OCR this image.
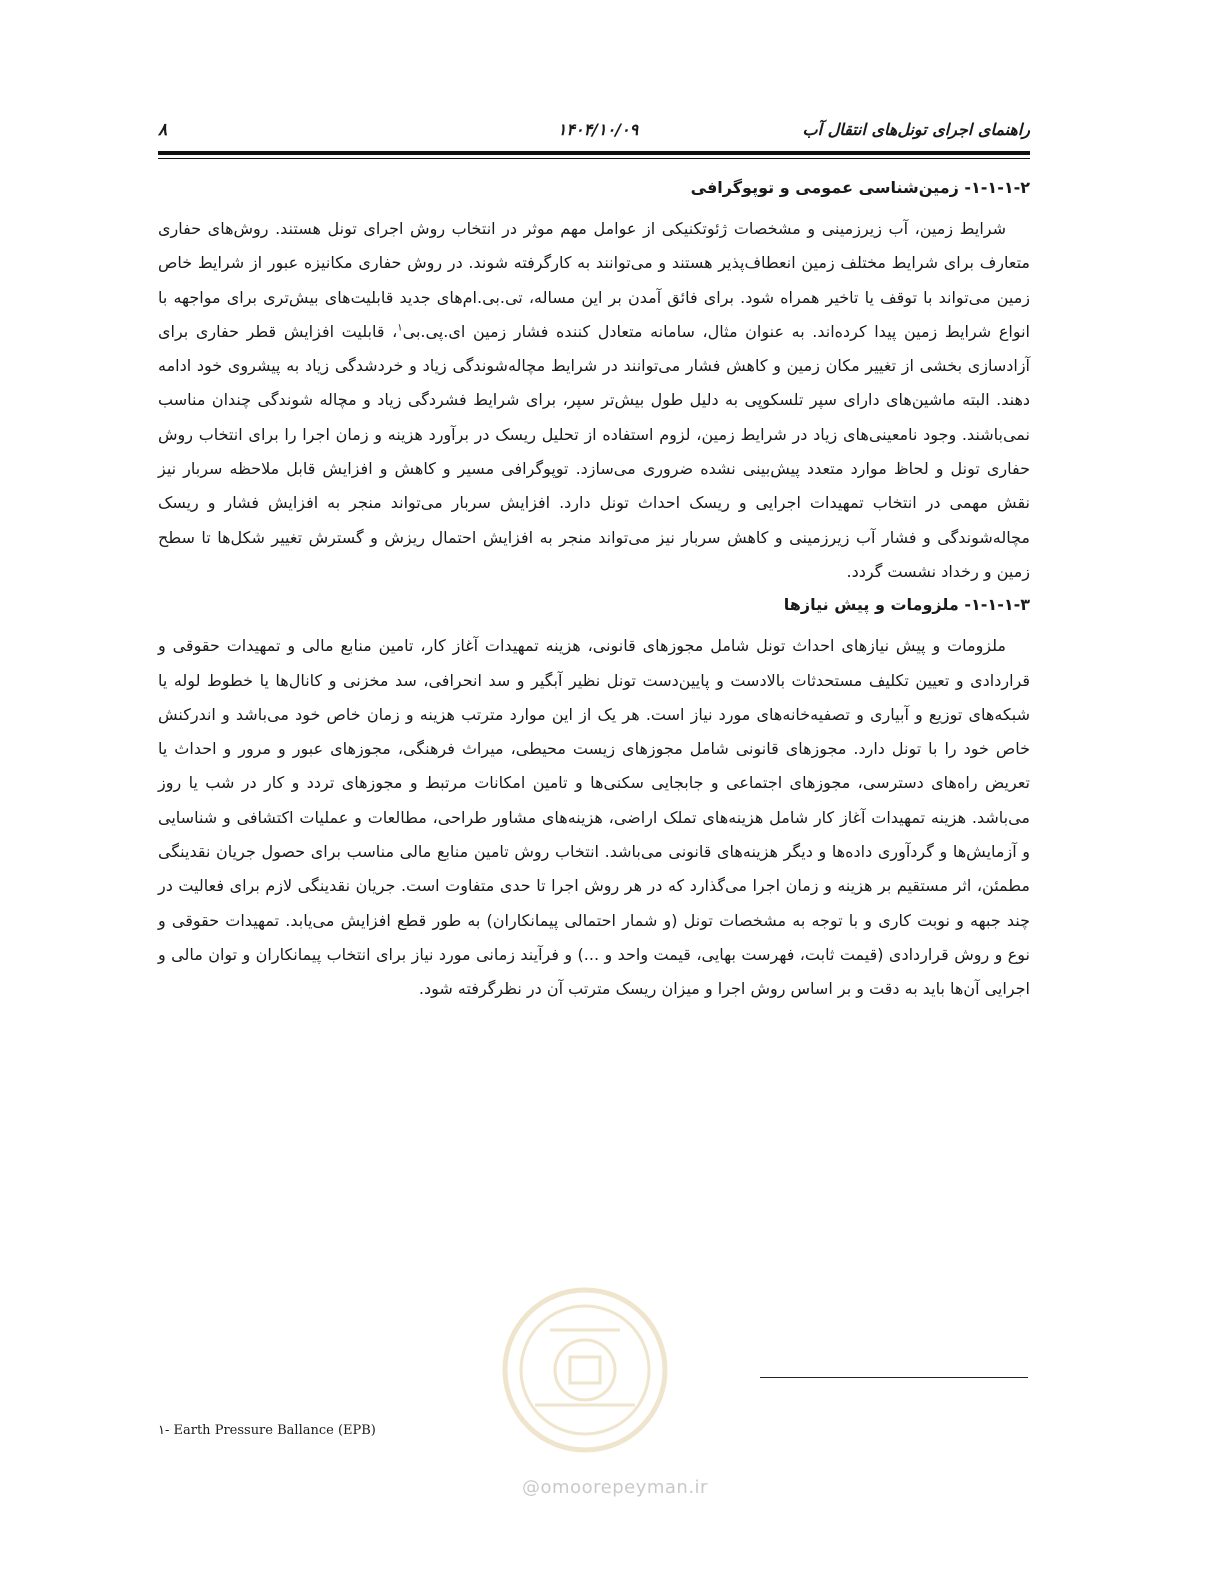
۸	۱۴۰۴/۱۰/۰۹	راهنمای اجرای تونل‌های انتقال آب
۱-۱-۱-۲- زمین‌شناسی عمومی و توپوگرافی

شرایط زمین، آب زیرزمینی و مشخصات ژئوتکنیکی از عوامل مهم موثر در انتخاب روش اجرای تونل هستند. روش‌های حفاری متعارف برای شرایط مختلف زمین انعطاف‌پذیر هستند و می‌توانند به کارگرفته شوند. در روش حفاری مکانیزه عبور از شرایط خاص زمین می‌تواند با توقف یا تاخیر همراه شود. برای فائق آمدن بر این مساله، تی.بی.ام‌های جدید قابلیت‌های بیش‌تری برای مواجهه با انواع شرایط زمین پیدا کرده‌اند. به عنوان مثال، سامانه متعادل کننده فشار زمین ای.پی.بی$^۱$، قابلیت افزایش قطر حفاری برای آزادسازی بخشی از تغییر مکان زمین و کاهش فشار می‌توانند در شرایط مچاله‌شوندگی زیاد و خردشدگی زیاد به پیشروی خود ادامه دهند. البته ماشین‌های دارای سپر تلسکوپی به دلیل طول بیش‌تر سپر، برای شرایط فشردگی زیاد و مچاله شوندگی چندان مناسب نمی‌باشند. وجود نامعینی‌های زیاد در شرایط زمین، لزوم استفاده از تحلیل ریسک در برآورد هزینه و زمان اجرا را برای انتخاب روش حفاری تونل و لحاظ موارد متعدد پیش‌بینی نشده ضروری می‌سازد. توپوگرافی مسیر و کاهش و افزایش قابل ملاحظه سربار نیز نقش مهمی در انتخاب تمهیدات اجرایی و ریسک احداث تونل دارد. افزایش سربار می‌تواند منجر به افزایش فشار و ریسک مچاله‌شوندگی و فشار آب زیرزمینی و کاهش سربار نیز می‌تواند منجر به افزایش احتمال ریزش و گسترش تغییر شکل‌ها تا سطح زمین و رخداد نشست گردد.

۱-۱-۱-۳- ملزومات و پیش نیازها

ملزومات و پیش نیازهای احداث تونل شامل مجوزهای قانونی، هزینه تمهیدات آغاز کار، تامین منابع مالی و تمهیدات حقوقی و قراردادی و تعیین تکلیف مستحدثات بالادست و پایین‌دست تونل نظیر آبگیر و سد انحرافی، سد مخزنی و کانال‌ها یا خطوط لوله یا شبکه‌های توزیع و آبیاری و تصفیه‌خانه‌های مورد نیاز است. هر یک از این موارد مترتب هزینه و زمان خاص خود می‌باشد و اندرکنش خاص خود را با تونل دارد. مجوزهای قانونی شامل مجوزهای زیست محیطی، میراث فرهنگی، مجوزهای عبور و مرور و احداث یا تعریض راه‌های دسترسی، مجوزهای اجتماعی و جابجایی سکنی‌ها و تامین امکانات مرتبط و مجوزهای تردد و کار در شب یا روز می‌باشد. هزینه تمهیدات آغاز کار شامل هزینه‌های تملک اراضی، هزینه‌های مشاور طراحی، مطالعات و عملیات اکتشافی و شناسایی و آزمایش‌ها و گردآوری داده‌ها و دیگر هزینه‌های قانونی می‌باشد. انتخاب روش تامین منابع مالی مناسب برای حصول جریان نقدینگی مطمئن، اثر مستقیم بر هزینه و زمان اجرا می‌گذارد که در هر روش اجرا تا حدی متفاوت است. جریان نقدینگی لازم برای فعالیت در چند جبهه و نوبت کاری و با توجه به مشخصات تونل (و شمار احتمالی پیمانکاران) به طور قطع افزایش می‌یابد. تمهیدات حقوقی و نوع و روش قراردادی (قیمت ثابت، فهرست بهایی، قیمت واحد و ...) و فرآیند زمانی مورد نیاز برای انتخاب پیمانکاران و توان مالی و اجرایی آن‌ها باید به دقت و بر اساس روش اجرا و میزان ریسک مترتب آن در نظرگرفته شود.

@omoorepeyman.ir
۱- Earth Pressure Ballance (EPB)
